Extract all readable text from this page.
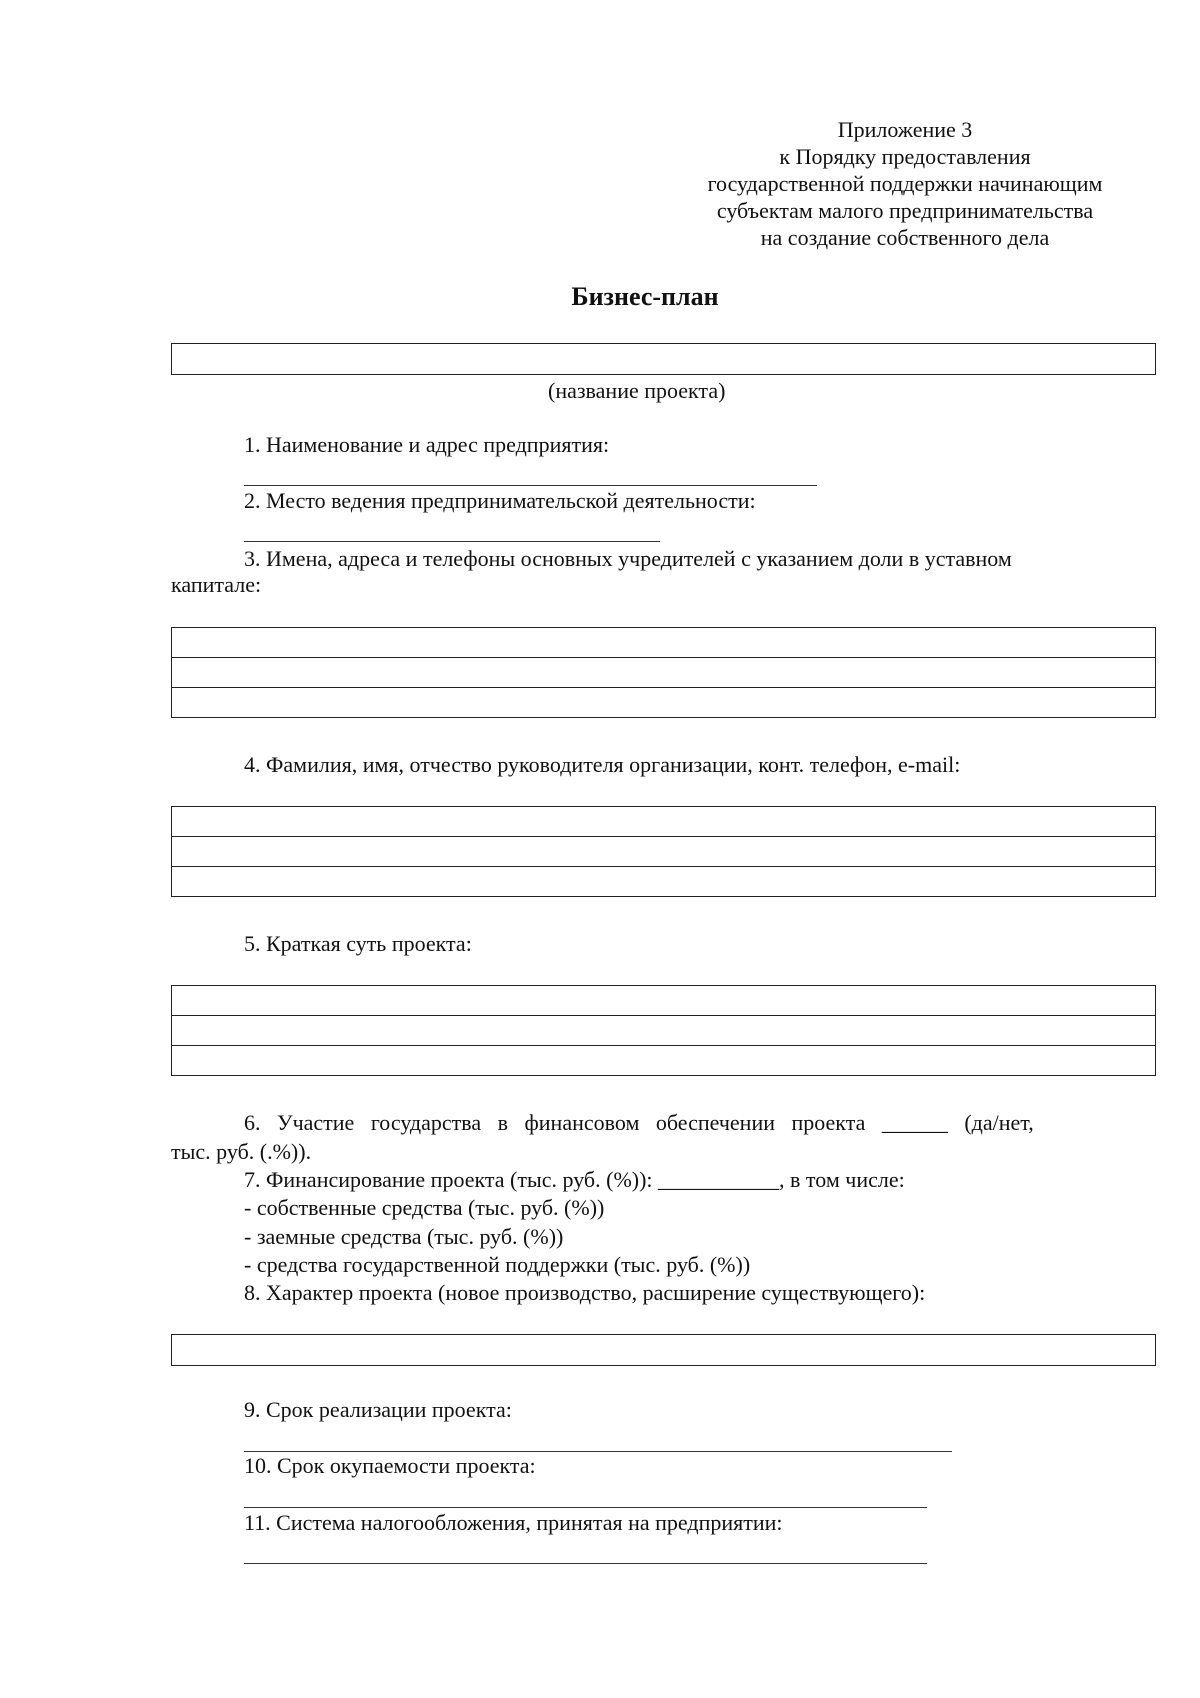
Приложение 3
к Порядку предоставления
государственной поддержки начинающим
субъектам малого предпринимательства
на создание собственного дела
Бизнес-план
(название проекта)
1. Наименование и адрес предприятия:
2. Место ведения предпринимательской деятельности:
3. Имена, адреса и телефоны основных учредителей с указанием доли в уставном
капитале:

4. Фамилия, имя, отчество руководителя организации, конт. телефон, e-mail:

5. Краткая суть проекта:

6. Участие государства в финансовом обеспечении проекта ______ (да/нет,
тыс. руб. (.%)).
7. Финансирование проекта (тыс. руб. (%)): ___________, в том числе:
- собственные средства (тыс. руб. (%))
- заемные средства (тыс. руб. (%))
- средства государственной поддержки (тыс. руб. (%))
8. Характер проекта (новое производство, расширение существующего):
9. Срок реализации проекта:
10. Срок окупаемости проекта:
11. Система налогообложения, принятая на предприятии:
